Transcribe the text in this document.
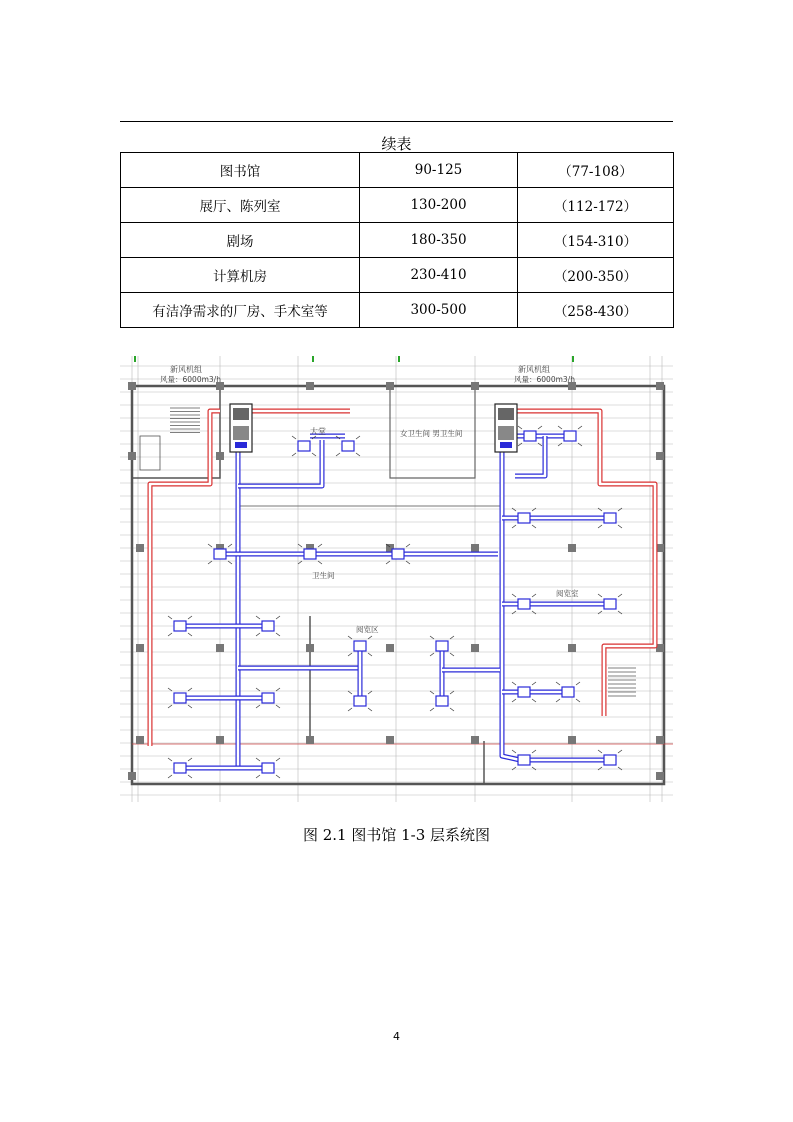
续表
图书馆	90-125	（77-108）
展厅、陈列室	130-200	（112-172）
剧场	180-350	（154-310）
计算机房	230-410	（200-350）
有洁净需求的厂房、手术室等	300-500	（258-430）
新风机组
风量：6000m3/h
新风机组
风量：6000m3/h
大堂	女卫生间 男卫生间
卫生间
阅览区
阅览室
图 2.1 图书馆 1-3 层系统图
4
